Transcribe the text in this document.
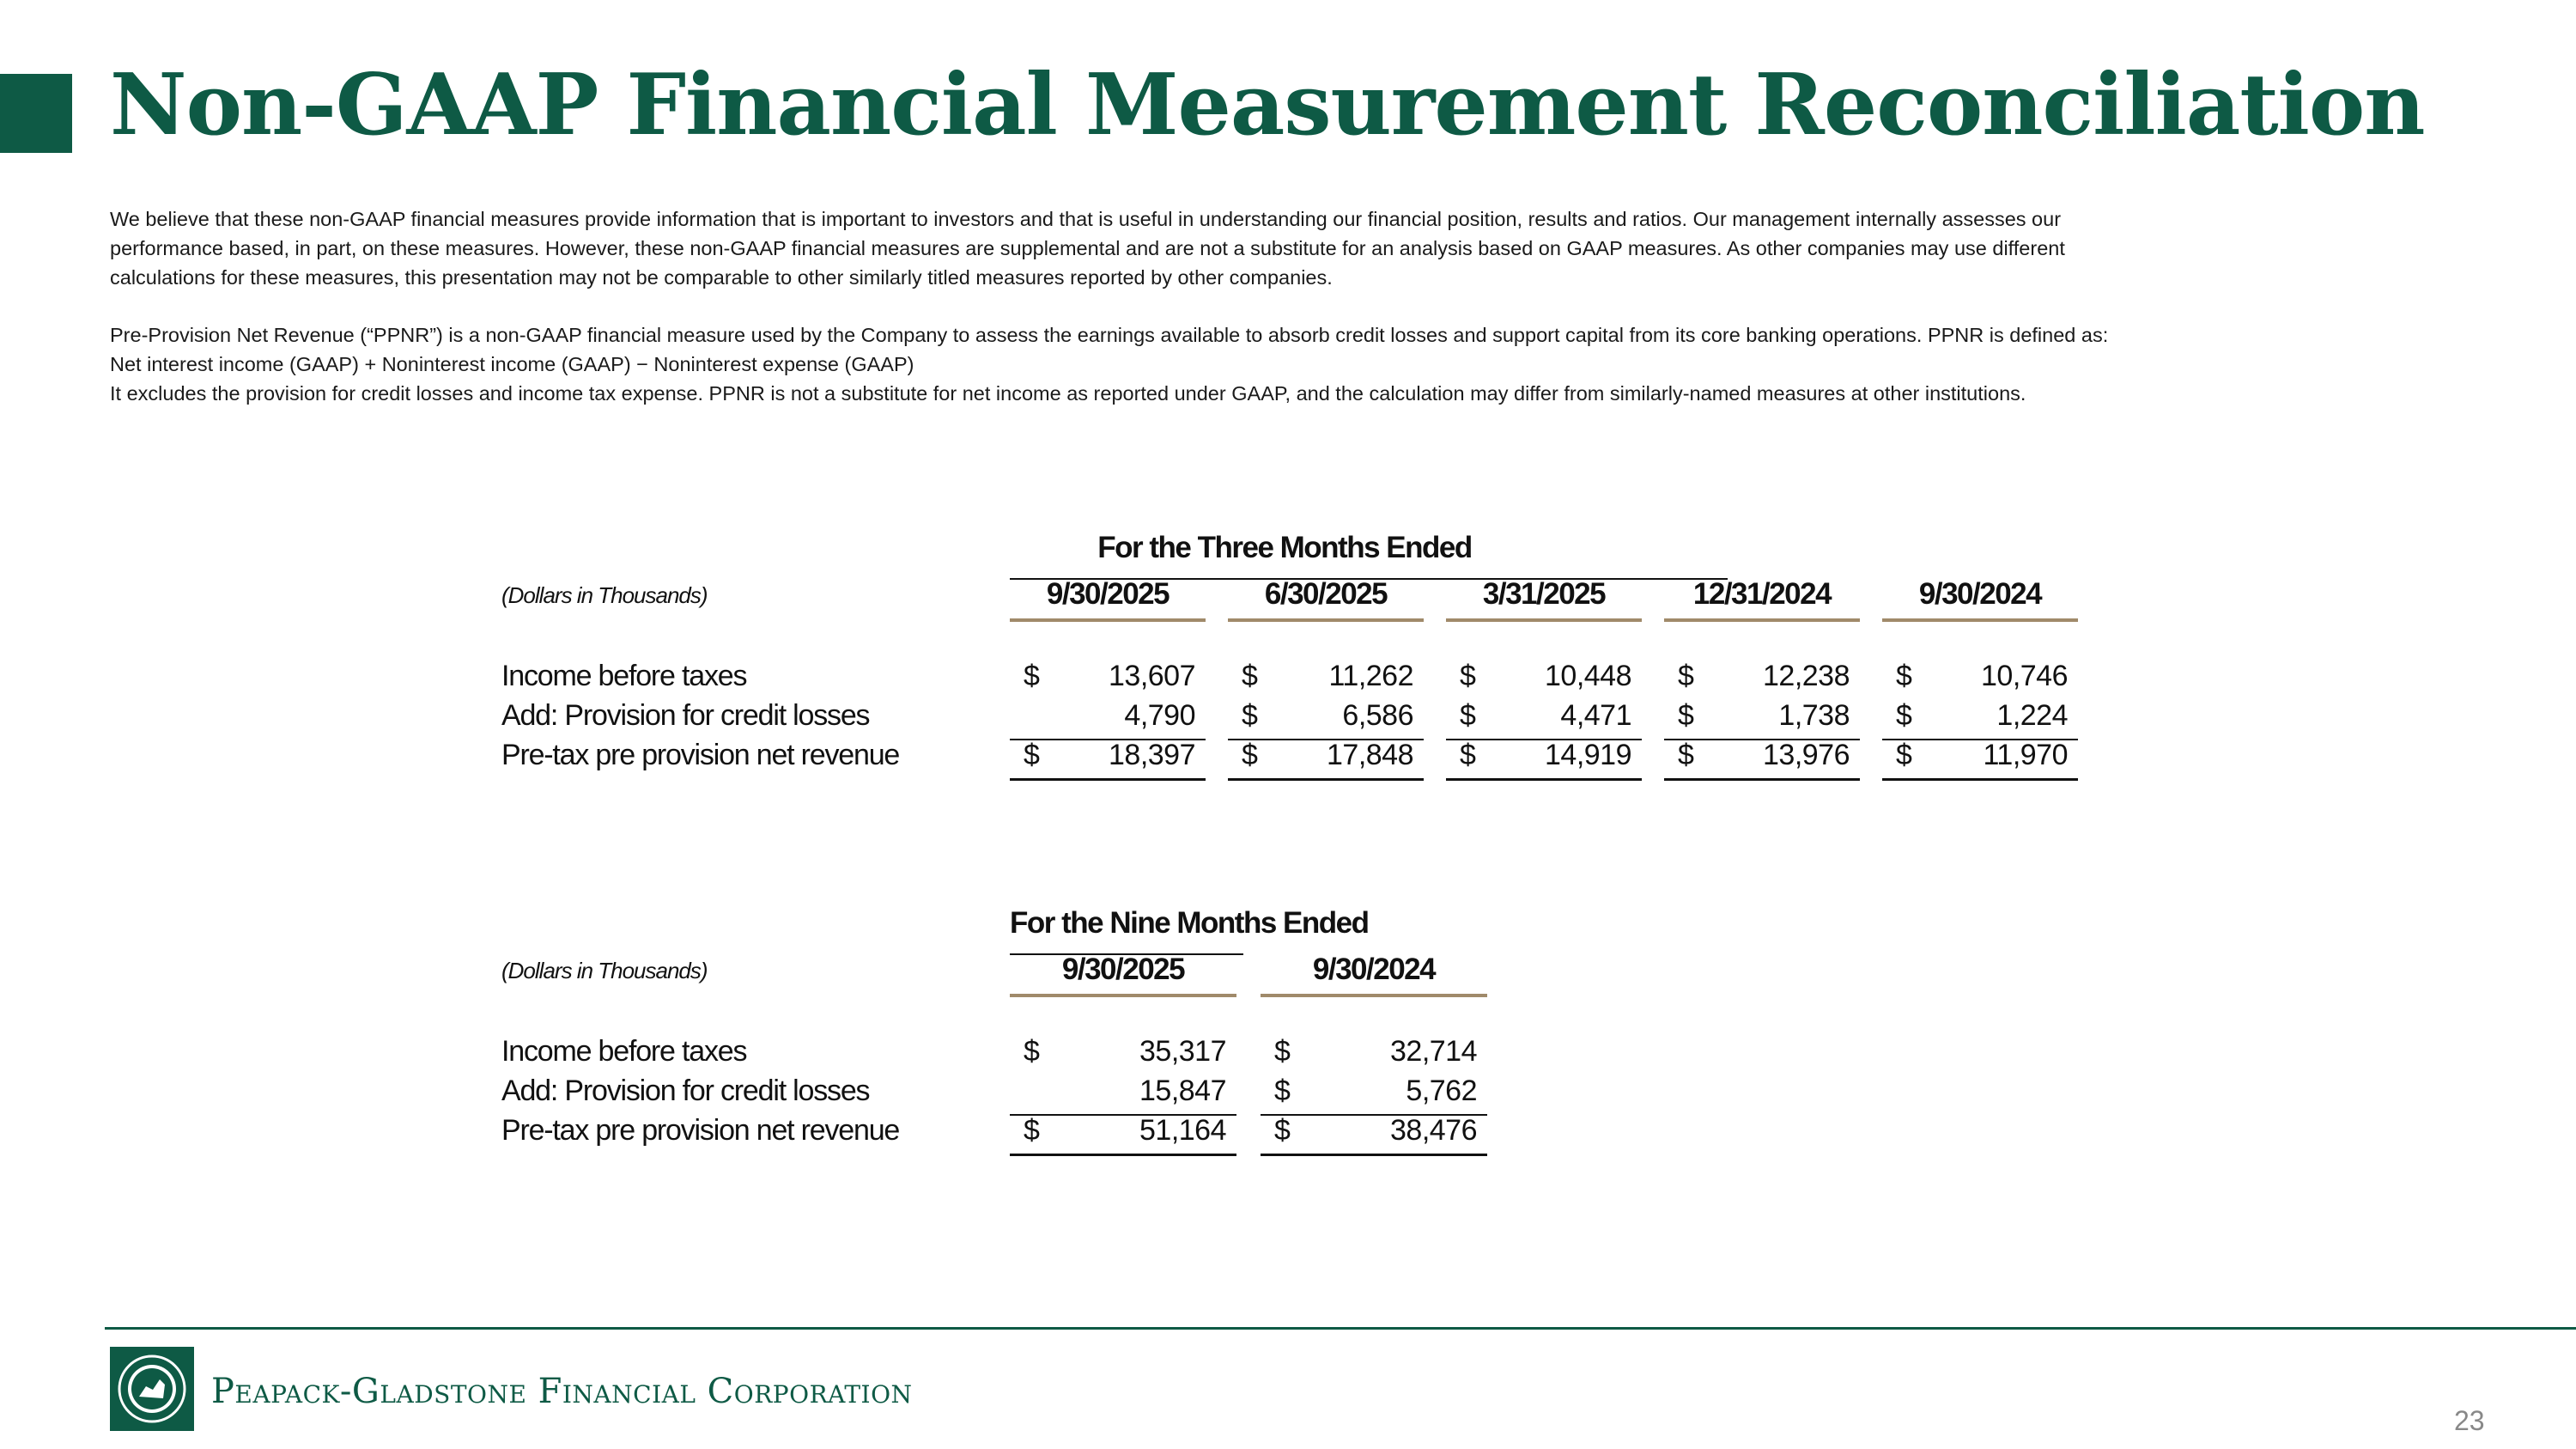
Non-GAAP Financial Measurement Reconciliation

We believe that these non-GAAP financial measures provide information that is important to investors and that is useful in understanding our financial position, results and ratios. Our management internally assesses our
performance based, in part, on these measures. However, these non-GAAP financial measures are supplemental and are not a substitute for an analysis based on GAAP measures. As other companies may use different
calculations for these measures, this presentation may not be comparable to other similarly titled measures reported by other companies.

Pre-Provision Net Revenue (“PPNR”) is a non-GAAP financial measure used by the Company to assess the earnings available to absorb credit losses and support capital from its core banking operations. PPNR is defined as:
Net interest income (GAAP) + Noninterest income (GAAP) − Noninterest expense (GAAP)
It excludes the provision for credit losses and income tax expense. PPNR is not a substitute for net income as reported under GAAP, and the calculation may differ from similarly-named measures at other institutions.

For the Three Months Ended
(Dollars in Thousands)	9/30/2025	6/30/2025	3/31/2025	12/31/2024	9/30/2024
Income before taxes	$	13,607 $	11,262 $	10,448 $	12,238 $	10,746
Add: Provision for credit losses	4,790 $	6,586 $	4,471 $	1,738 $	1,224
Pre-tax pre provision net revenue	$	18,397 $	17,848 $	14,919 $	13,976 $	11,970
For the Nine Months Ended
(Dollars in Thousands)	9/30/2025	9/30/2024
Income before taxes	$	35,317 $	32,714
Add: Provision for credit losses	15,847 $	5,762
Pre-tax pre provision net revenue	$	51,164 $	38,476

Peapack-Gladstone Financial Corporation

23
